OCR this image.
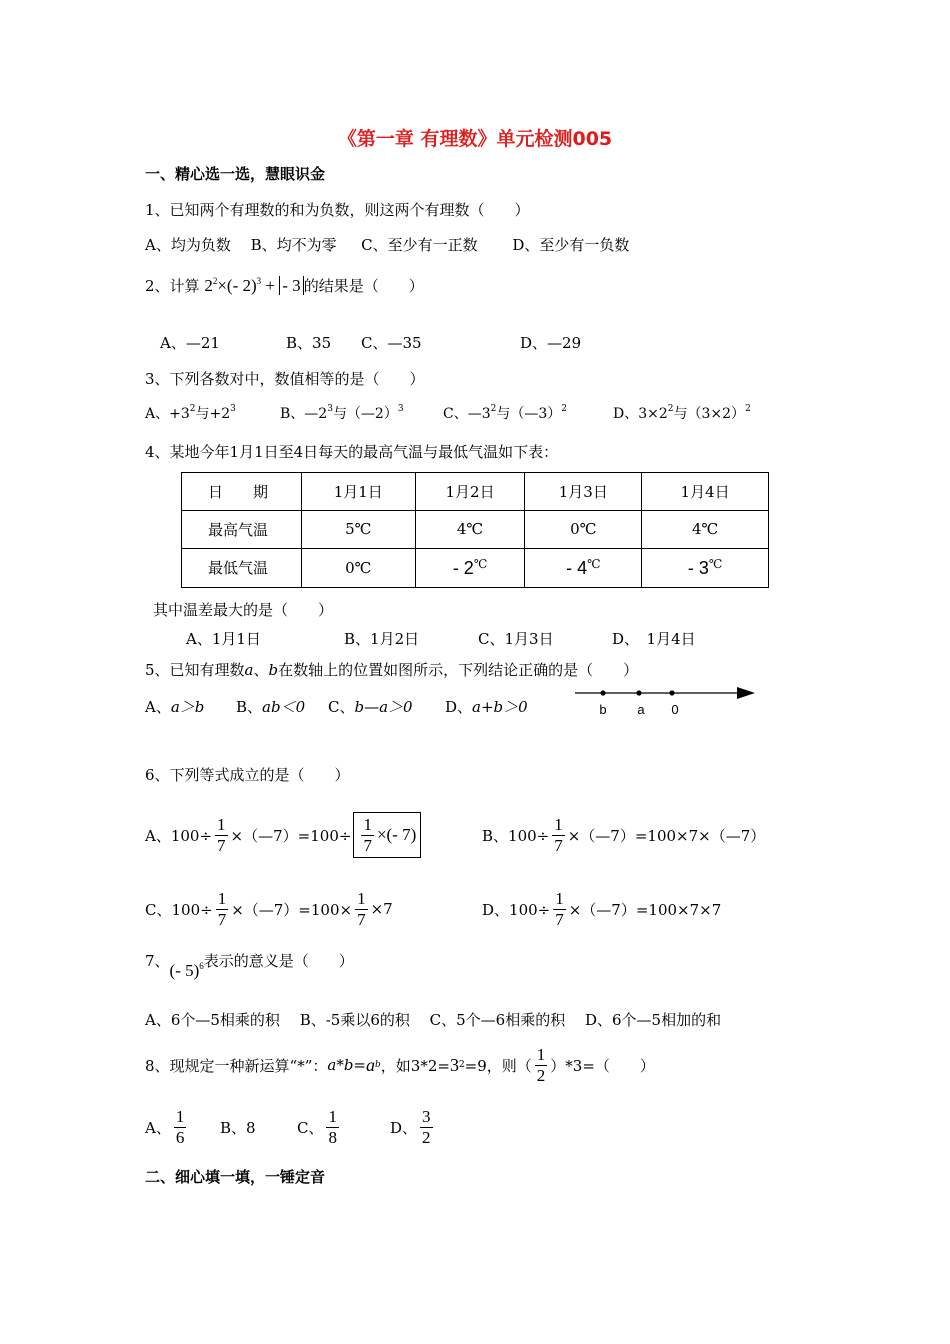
《第一章 有理数》单元检测005
一、精心选一选，慧眼识金
1、已知两个有理数的和为负数，则这两个有理数（　　）
A、均为负数　 B、均不为零 　 C、至少有一正数 　　D、至少有一负数
2、计算 $2^2\times(-$ 2)$^3$ + - 3 的结果是（　　）
A、—21	B、35 C、—35	D、—29
3、下列各数对中，数值相等的是（　　）
A、$+3^2$与$+2^3$	B、$—2^3$与（—2）$^3$	C、$—3^2$与（—3）$^2$	D、$3\times 2^2$与$(3\times 2)^2$
4、某地今年1月1日至4日每天的最高气温与最低气温如下表：
日　　期	1月1日	1月2日	1月3日	1月4日
最高气温	5℃	4℃	0℃	4℃
最低气温	0℃	- 2℃	- 4℃	- 3℃
其中温差最大的是（　　）
A、1月1日	B、1月2日	C、1月3日	D、　1月4日
5、已知有理数a、b在数轴上的位置如图所示，下列结论正确的是（　　）
A、a＞b B、ab＜0 C、b—a＞0 D、a+b＞0	b a 0
6、下列等式成立的是（　　）
A、$100\div \frac{1}{7}$ ×（—7）=100÷ $\frac{1}{7}$ ×(- 7)	B、$100\div \frac{1}{7}$ ×（—7）=100×7×（—7）
C、$100\div \frac{1}{7}$ ×（—7）=100× $\frac{1}{7} \times 7$	D、$100\div \frac{1}{7}$ ×（—7）=100×7×7
7、(- 5)$^6$表示的意义是（　　）
A、6个—5相乘的积　 B、-5乘以6的积　 C、5个—6相乘的积　 D、6个—5相加的和
8、现规定一种新运算“*”： a*b= a b ，如3*2= 3 2 =9，则（ $\frac{1}{2} )*3=$（　　）
A、 $\frac{1}{6}$ B、8	C、 $\frac{1}{8}$	D、 $\frac{3}{2}$
二、细心填一填，一锤定音
